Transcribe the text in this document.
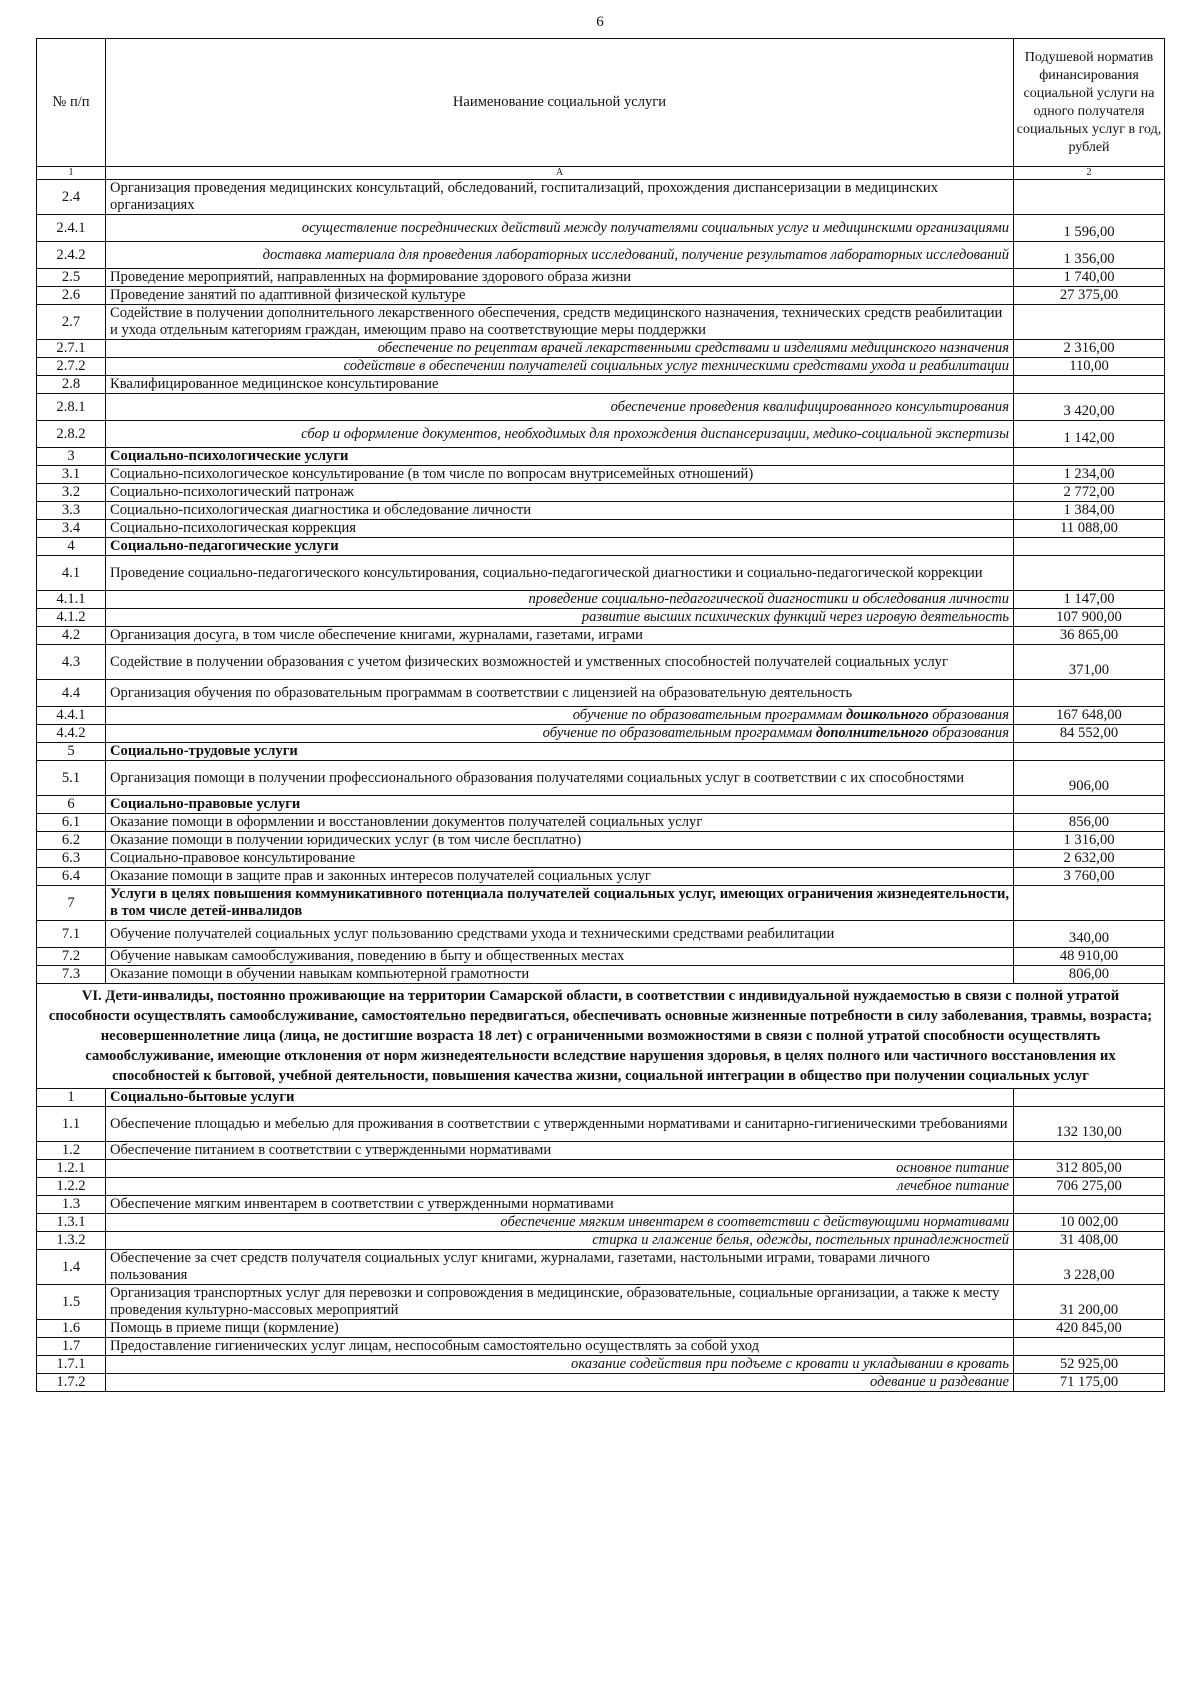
6
№ п/п	Наименование социальной услуги	Подушевой норматив финансирования социальной услуги на одного получателя социальных услуг в год, рублей
1	А	2
2.4	Организация проведения медицинских консультаций, обследований, госпитализаций, прохождения диспансеризации в медицинских организациях	
2.4.1	осуществление посреднических действий между получателями социальных услуг и медицинскими организациями	1 596,00
2.4.2	доставка материала для проведения лабораторных исследований, получение результатов лабораторных исследований	1 356,00
2.5	Проведение мероприятий, направленных на формирование здорового образа жизни	1 740,00
2.6	Проведение занятий по адаптивной физической культуре	27 375,00
2.7	Содействие в получении дополнительного лекарственного обеспечения, средств медицинского назначения, технических средств реабилитации и ухода отдельным категориям граждан, имеющим право на соответствующие меры поддержки	
2.7.1	обеспечение по рецептам врачей лекарственными средствами и изделиями медицинского назначения	2 316,00
2.7.2	содействие в обеспечении получателей социальных услуг техническими средствами ухода и реабилитации	110,00
2.8	Квалифицированное медицинское консультирование	
2.8.1	обеспечение проведения квалифицированного консультирования	3 420,00
2.8.2	сбор и оформление документов, необходимых для прохождения диспансеризации, медико-социальной экспертизы	1 142,00
3	Социально-психологические услуги	
3.1	Социально-психологическое консультирование (в том числе по вопросам внутрисемейных отношений)	1 234,00
3.2	Социально-психологический патронаж	2 772,00
3.3	Социально-психологическая диагностика и обследование личности	1 384,00
3.4	Социально-психологическая коррекция	11 088,00
4	Социально-педагогические услуги	
4.1	Проведение социально-педагогического консультирования, социально-педагогической диагностики и социально-педагогической коррекции	
4.1.1	проведение социально-педагогической диагностики и обследования личности	1 147,00
4.1.2	развитие высших психических функций через игровую деятельность	107 900,00
4.2	Организация досуга, в том числе обеспечение книгами, журналами, газетами, играми	36 865,00
4.3	Содействие в получении образования с учетом физических возможностей и умственных способностей получателей социальных услуг	371,00
4.4	Организация обучения по образовательным программам в соответствии с лицензией на образовательную деятельность	
4.4.1	обучение по образовательным программам дошкольного образования	167 648,00
4.4.2	обучение по образовательным программам дополнительного образования	84 552,00
5	Социально-трудовые услуги	
5.1	Организация помощи в получении профессионального образования получателями социальных услуг в соответствии с их способностями	906,00
6	Социально-правовые услуги	
6.1	Оказание помощи в оформлении и восстановлении документов получателей социальных услуг	856,00
6.2	Оказание помощи в получении юридических услуг (в том числе бесплатно)	1 316,00
6.3	Социально-правовое консультирование	2 632,00
6.4	Оказание помощи в защите прав и законных интересов получателей социальных услуг	3 760,00
7	Услуги в целях повышения коммуникативного потенциала получателей социальных услуг, имеющих ограничения жизнедеятельности, в том числе детей-инвалидов	
7.1	Обучение получателей социальных услуг пользованию средствами ухода и техническими средствами реабилитации	340,00
7.2	Обучение навыкам самообслуживания, поведению в быту и общественных местах	48 910,00
7.3	Оказание помощи в обучении навыкам компьютерной грамотности	806,00
VI. Дети-инвалиды, постоянно проживающие на территории Самарской области, в соответствии с индивидуальной нуждаемостью в связи с полной утратой способности осуществлять самообслуживание, самостоятельно передвигаться, обеспечивать основные жизненные потребности в силу заболевания, травмы, возраста; несовершеннолетние лица (лица, не достигшие возраста 18 лет) с ограниченными возможностями в связи с полной утратой способности осуществлять самообслуживание, имеющие отклонения от норм жизнедеятельности вследствие нарушения здоровья, в целях полного или частичного восстановления их способностей к бытовой, учебной деятельности, повышения качества жизни, социальной интеграции в общество при получении социальных услуг		
1	Социально-бытовые услуги	
1.1	Обеспечение площадью и мебелью для проживания в соответствии с утвержденными нормативами и санитарно-гигиеническими требованиями	132 130,00
1.2	Обеспечение питанием в соответствии с утвержденными нормативами	
1.2.1	основное питание	312 805,00
1.2.2	лечебное питание	706 275,00
1.3	Обеспечение мягким инвентарем в соответствии с утвержденными нормативами	
1.3.1	обеспечение мягким инвентарем в соответствии с действующими нормативами	10 002,00
1.3.2	стирка и глажение белья, одежды, постельных принадлежностей	31 408,00
1.4	Обеспечение за счет средств получателя социальных услуг книгами, журналами, газетами, настольными играми, товарами личного пользования	3 228,00
1.5	Организация транспортных услуг для перевозки и сопровождения в медицинские, образовательные, социальные организации, а также к месту проведения культурно-массовых мероприятий	31 200,00
1.6	Помощь в приеме пищи (кормление)	420 845,00
1.7	Предоставление гигиенических услуг лицам, неспособным самостоятельно осуществлять за собой уход	
1.7.1	оказание содействия при подъеме с кровати и укладывании в кровать	52 925,00
1.7.2	одевание и раздевание	71 175,00
